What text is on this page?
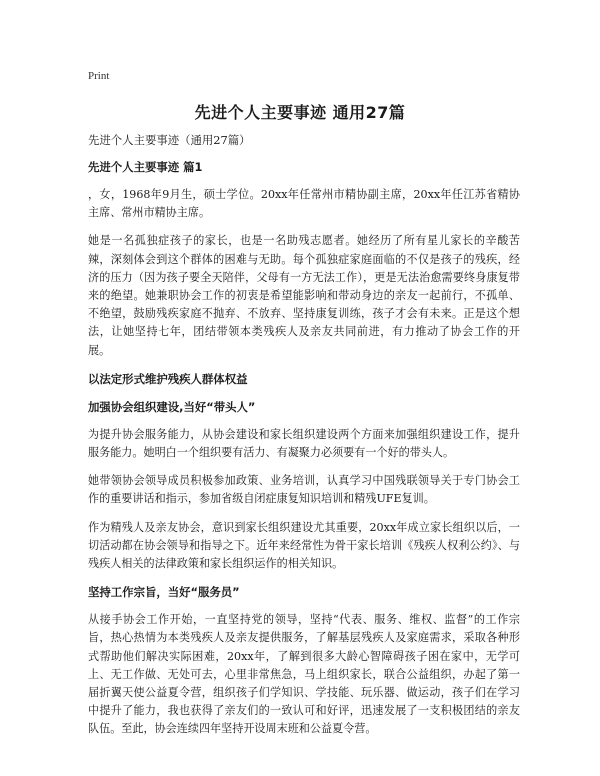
Print
先进个人主要事迹 通用27篇
先进个人主要事迹（通用27篇）
先进个人主要事迹 篇1
，女，1968年9月生，硕士学位。20xx年任常州市精协副主席，20xx年任江苏省精协主席、常州市精协主席。
她是一名孤独症孩子的家长，也是一名助残志愿者。她经历了所有星儿家长的辛酸苦辣，深刻体会到这个群体的困难与无助。每个孤独症家庭面临的不仅是孩子的残疾，经济的压力（因为孩子要全天陪伴，父母有一方无法工作），更是无法治愈需要终身康复带来的绝望。她兼职协会工作的初衷是希望能影响和带动身边的亲友一起前行，不孤单、不绝望，鼓励残疾家庭不抛弃、不放弃、坚持康复训练，孩子才会有未来。正是这个想法，让她坚持七年，团结带领本类残疾人及亲友共同前进，有力推动了协会工作的开展。
以法定形式维护残疾人群体权益
加强协会组织建设,当好“带头人”
为提升协会服务能力，从协会建设和家长组织建设两个方面来加强组织建设工作，提升服务能力。她明白一个组织要有活力、有凝聚力必须要有一个好的带头人。
她带领协会领导成员积极参加政策、业务培训，认真学习中国残联领导关于专门协会工作的重要讲话和指示，参加省级自闭症康复知识培训和精残UFE复训。
作为精残人及亲友协会，意识到家长组织建设尤其重要，20xx年成立家长组织以后，一切活动都在协会领导和指导之下。近年来经常性为骨干家长培训《残疾人权利公约》、与残疾人相关的法律政策和家长组织运作的相关知识。
坚持工作宗旨，当好“服务员”
从接手协会工作开始，一直坚持党的领导，坚持“代表、服务、维权、监督”的工作宗旨，热心热情为本类残疾人及亲友提供服务，了解基层残疾人及家庭需求，采取各种形式帮助他们解决实际困难，20xx年，了解到很多大龄心智障碍孩子困在家中，无学可上、无工作做、无处可去，心里非常焦急，马上组织家长，联合公益组织，办起了第一届折翼天使公益夏令营，组织孩子们学知识、学技能、玩乐器、做运动，孩子们在学习中提升了能力，我也获得了亲友们的一致认可和好评，迅速发展了一支积极团结的亲友队伍。至此，协会连续四年坚持开设周末班和公益夏令营。
